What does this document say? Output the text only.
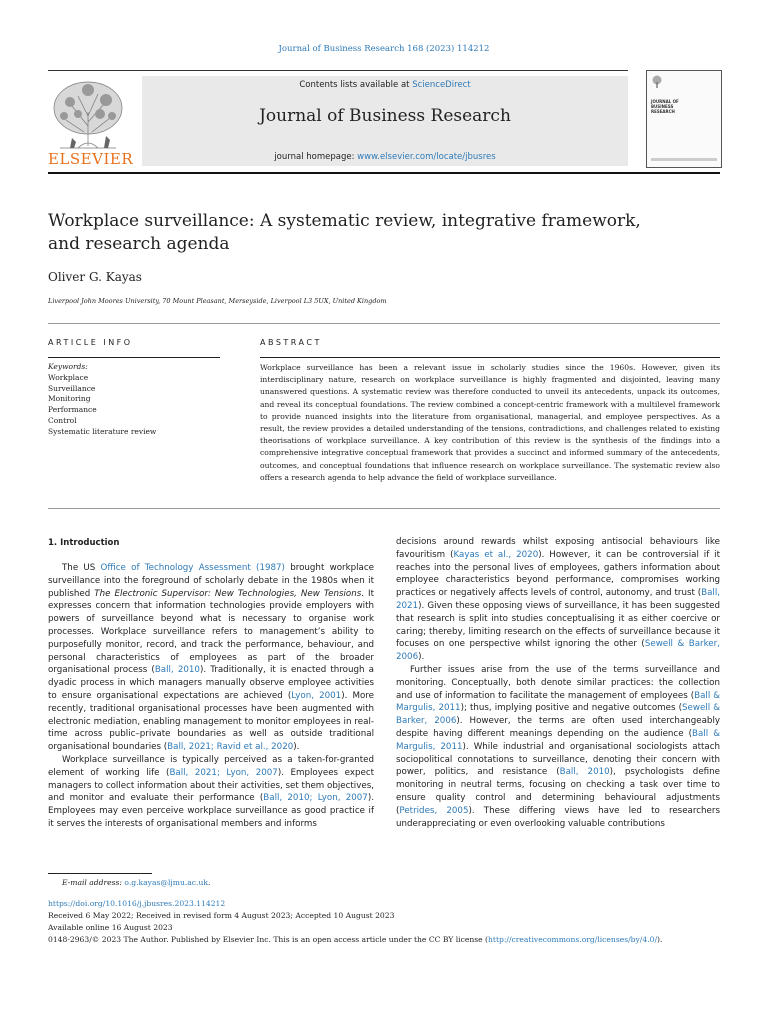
Journal of Business Research 168 (2023) 114212
ELSEVIER
Contents lists available at ScienceDirect
Journal of Business Research
journal homepage: www.elsevier.com/locate/jbusres
JOURNAL OF BUSINESS RESEARCH
Workplace surveillance: A systematic review, integrative framework, and research agenda
Oliver G. Kayas
Liverpool John Moores University, 70 Mount Pleasant, Merseyside, Liverpool L3 5UX, United Kingdom
ARTICLE INFO
Keywords:
Workplace
Surveillance
Monitoring
Performance
Control
Systematic literature review
ABSTRACT
Workplace surveillance has been a relevant issue in scholarly studies since the 1960s. However, given its interdisciplinary nature, research on workplace surveillance is highly fragmented and disjointed, leaving many unanswered questions. A systematic review was therefore conducted to unveil its antecedents, unpack its outcomes, and reveal its conceptual foundations. The review combined a concept-centric framework with a multilevel framework to provide nuanced insights into the literature from organisational, managerial, and employee perspectives. As a result, the review provides a detailed understanding of the tensions, contradictions, and challenges related to existing theorisations of workplace surveillance. A key contribution of this review is the synthesis of the findings into a comprehensive integrative conceptual framework that provides a succinct and informed summary of the antecedents, outcomes, and conceptual foundations that influence research on workplace surveillance. The systematic review also offers a research agenda to help advance the field of workplace surveillance.
1. Introduction

The US Office of Technology Assessment (1987) brought workplace surveillance into the foreground of scholarly debate in the 1980s when it published The Electronic Supervisor: New Technologies, New Tensions. It expresses concern that information technologies provide employers with powers of surveillance beyond what is necessary to organise work processes. Workplace surveillance refers to management’s ability to purposefully monitor, record, and track the performance, behaviour, and personal characteristics of employees as part of the broader organisational process (Ball, 2010). Traditionally, it is enacted through a dyadic process in which managers manually observe employee activities to ensure organisational expectations are achieved (Lyon, 2001). More recently, traditional organisational processes have been augmented with electronic mediation, enabling management to monitor employees in real-time across public–private boundaries as well as outside traditional organisational boundaries (Ball, 2021; Ravid et al., 2020).

Workplace surveillance is typically perceived as a taken-for-granted element of working life (Ball, 2021; Lyon, 2007). Employees expect managers to collect information about their activities, set them objectives, and monitor and evaluate their performance (Ball, 2010; Lyon, 2007). Employees may even perceive workplace surveillance as good practice if it serves the interests of organisational members and informs

decisions around rewards whilst exposing antisocial behaviours like favouritism (Kayas et al., 2020). However, it can be controversial if it reaches into the personal lives of employees, gathers information about employee characteristics beyond performance, compromises working practices or negatively affects levels of control, autonomy, and trust (Ball, 2021). Given these opposing views of surveillance, it has been suggested that research is split into studies conceptualising it as either coercive or caring; thereby, limiting research on the effects of surveillance because it focuses on one perspective whilst ignoring the other (Sewell & Barker, 2006).

Further issues arise from the use of the terms surveillance and monitoring. Conceptually, both denote similar practices: the collection and use of information to facilitate the management of employees (Ball & Margulis, 2011); thus, implying positive and negative outcomes (Sewell & Barker, 2006). However, the terms are often used interchangeably despite having different meanings depending on the audience (Ball & Margulis, 2011). While industrial and organisational sociologists attach sociopolitical connotations to surveillance, denoting their concern with power, politics, and resistance (Ball, 2010), psychologists define monitoring in neutral terms, focusing on checking a task over time to ensure quality control and determining behavioural adjustments (Petrides, 2005). These differing views have led to researchers underappreciating or even overlooking valuable contributions

E-mail address: o.g.kayas@ljmu.ac.uk.
https://doi.org/10.1016/j.jbusres.2023.114212
Received 6 May 2022; Received in revised form 4 August 2023; Accepted 10 August 2023
Available online 16 August 2023
0148-2963/© 2023 The Author. Published by Elsevier Inc. This is an open access article under the CC BY license (http://creativecommons.org/licenses/by/4.0/).
